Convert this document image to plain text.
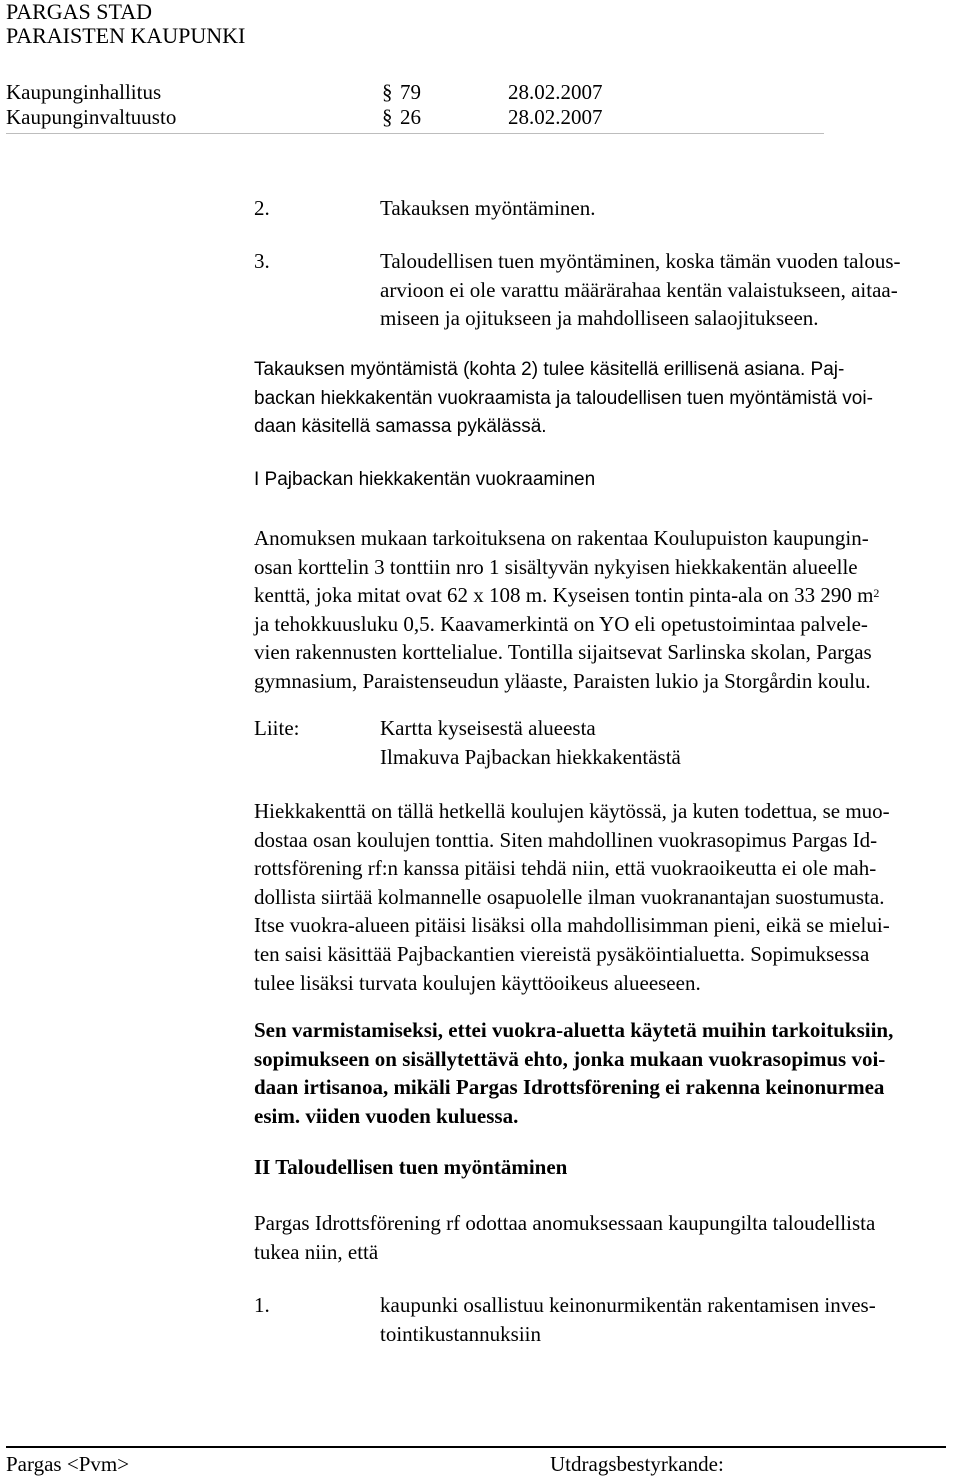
PARGAS STAD
PARAISTEN KAUPUNKI
Kaupunginhallitus	§ 79	28.02.2007
Kaupunginvaltuusto	§ 26	28.02.2007
2.	Takauksen myöntäminen.

3.	Taloudellisen tuen myöntäminen, koska tämän vuoden talous-

arvioon ei ole varattu määrärahaa kentän valaistukseen, aitaa-

miseen ja ojitukseen ja mahdolliseen salaojitukseen.

Takauksen myöntämistä (kohta 2) tulee käsitellä erillisenä asiana. Paj-

backan hiekkakentän vuokraamista ja taloudellisen tuen myöntämistä voi-

daan käsitellä samassa pykälässä.

I Pajbackan hiekkakentän vuokraaminen

Anomuksen mukaan tarkoituksena on rakentaa Koulupuiston kaupungin-

osan korttelin 3 tonttiin nro 1 sisältyvän nykyisen hiekkakentän alueelle

kenttä, joka mitat ovat 62 x 108 m. Kyseisen tontin pinta-ala on 33 290 $m^2$

ja tehokkuusluku 0,5. Kaavamerkintä on YO eli opetustoimintaa palvele-

vien rakennusten korttelialue. Tontilla sijaitsevat Sarlinska skolan, Pargas

gymnasium, Paraistenseudun yläaste, Paraisten lukio ja Storgårdin koulu.

Liite:	Kartta kyseisestä alueesta

Ilmakuva Pajbackan hiekkakentästä

Hiekkakenttä on tällä hetkellä koulujen käytössä, ja kuten todettua, se muo-

dostaa osan koulujen tonttia. Siten mahdollinen vuokrasopimus Pargas Id-

rottsförening rf:n kanssa pitäisi tehdä niin, että vuokraoikeutta ei ole mah-

dollista siirtää kolmannelle osapuolelle ilman vuokranantajan suostumusta.

Itse vuokra-alueen pitäisi lisäksi olla mahdollisimman pieni, eikä se mielui-

ten saisi käsittää Pajbackantien viereistä pysäköintialuetta. Sopimuksessa

tulee lisäksi turvata koulujen käyttöoikeus alueeseen.

Sen varmistamiseksi, ettei vuokra-aluetta käytetä muihin tarkoituksiin,

sopimukseen on sisällytettävä ehto, jonka mukaan vuokrasopimus voi-

daan irtisanoa, mikäli Pargas Idrottsförening ei rakenna keinonurmea

esim. viiden vuoden kuluessa.

II Taloudellisen tuen myöntäminen

Pargas Idrottsförening rf odottaa anomuksessaan kaupungilta taloudellista

tukea niin, että

1.	kaupunki osallistuu keinonurmikentän rakentamisen inves-

tointikustannuksiin

Pargas <Pvm>	Utdragsbestyrkande:
